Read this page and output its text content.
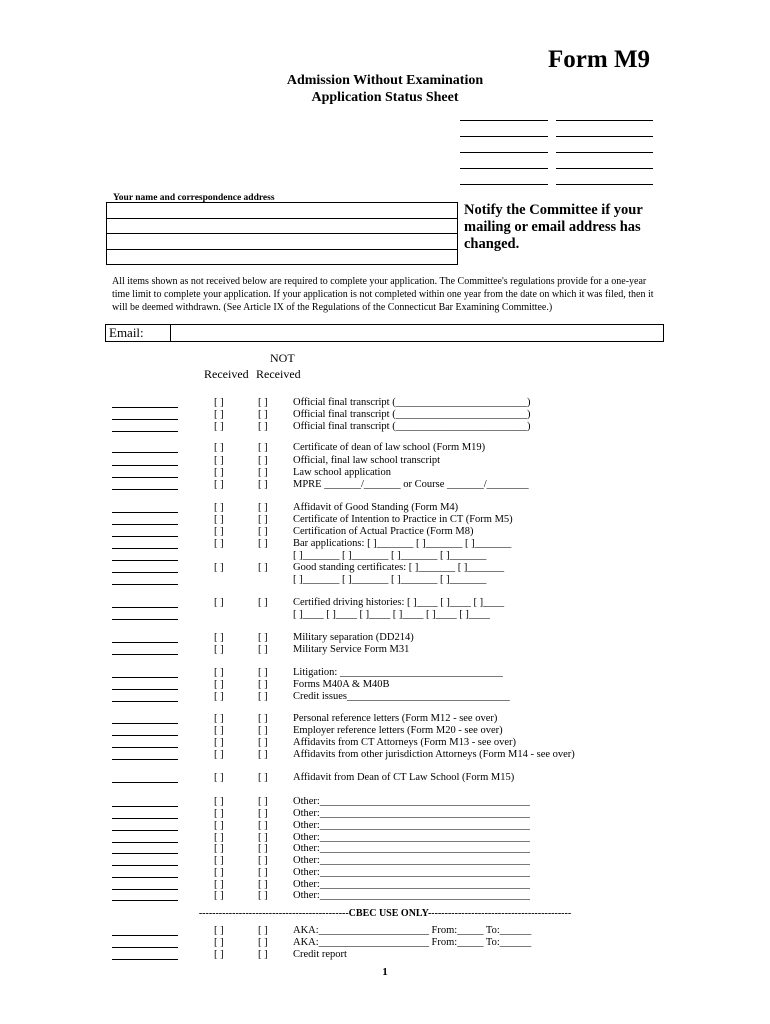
Form M9
Admission Without Examination
Application Status Sheet
Your name and correspondence address
Notify the Committee if your mailing or email address has changed.
All items shown as not received below are required to complete your application. The Committee's regulations provide for a one-year time limit to complete your application. If your application is not completed within one year from the date on which it was filed, then it will be deemed withdrawn. (See Article IX of the Regulations of the Connecticut Bar Examining Committee.)
Email:
NOT
Received Received
[ ]	[ ] Official final transcript (_________________________)
[ ]	[ ] Official final transcript (_________________________)
[ ]	[ ] Official final transcript (_________________________)
[ ]	[ ] Certificate of dean of law school (Form M19)
[ ]	[ ] Official, final law school transcript
[ ]	[ ] Law school application
[ ]	[ ] MPRE _______/_______ or Course _______/________
[ ]	[ ] Affidavit of Good Standing (Form M4)
[ ]	[ ] Certificate of Intention to Practice in CT (Form M5)
[ ]	[ ] Certification of Actual Practice (Form M8)
[ ]	[ ] Bar applications: [ ]_______ [ ]_______ [ ]_______
[ ]_______ [ ]_______ [ ]_______ [ ]_______
[ ]	[ ] Good standing certificates: [ ]_______ [ ]_______
[ ]_______ [ ]_______ [ ]_______ [ ]_______
[ ]	[ ] Certified driving histories: [ ]____ [ ]____ [ ]____
[ ]____ [ ]____ [ ]____ [ ]____ [ ]____ [ ]____
[ ]	[ ] Military separation (DD214)
[ ]	[ ] Military Service Form M31
[ ]	[ ] Litigation: _______________________________
[ ]	[ ] Forms M40A & M40B
[ ]	[ ] Credit issues_______________________________
[ ]	[ ] Personal reference letters (Form M12 - see over)
[ ]	[ ] Employer reference letters (Form M20 - see over)
[ ]	[ ] Affidavits from CT Attorneys (Form M13 - see over)
[ ]	[ ] Affidavits from other jurisdiction Attorneys (Form M14 - see over)
[ ]	[ ] Affidavit from Dean of CT Law School (Form M15)
[ ]	[ ] Other:________________________________________
[ ]	[ ] Other:________________________________________
[ ]	[ ] Other:________________________________________
[ ]	[ ] Other:________________________________________
[ ]	[ ] Other:________________________________________
[ ]	[ ] Other:________________________________________
[ ]	[ ] Other:________________________________________
[ ]	[ ] Other:________________________________________
[ ]	[ ] Other:________________________________________
[ ]	[ ] AKA:_____________________ From:_____ To:______
[ ]	[ ] AKA:_____________________ From:_____ To:______
[ ]	[ ] Credit report
---------------------------------------------CBEC USE ONLY-------------------------------------------
1
